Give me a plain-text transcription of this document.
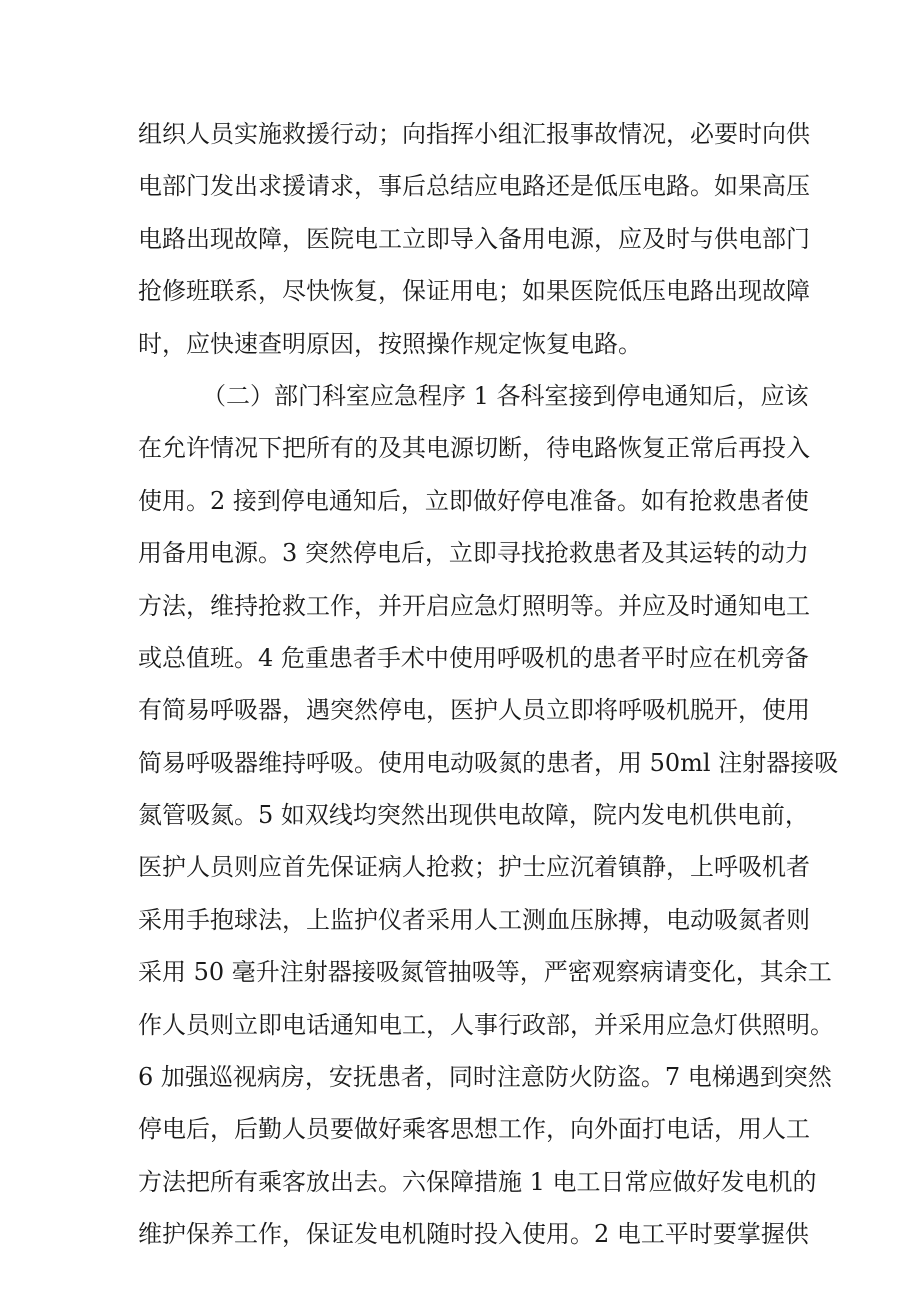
组织人员实施救援行动；向指挥小组汇报事故情况，必要时向供
电部门发出求援请求，事后总结应电路还是低压电路。如果高压
电路出现故障，医院电工立即导入备用电源，应及时与供电部门
抢修班联系，尽快恢复，保证用电；如果医院低压电路出现故障
时，应快速查明原因，按照操作规定恢复电路。
（二）部门科室应急程序 1 各科室接到停电通知后，应该
在允许情况下把所有的及其电源切断，待电路恢复正常后再投入
使用。2 接到停电通知后，立即做好停电准备。如有抢救患者使
用备用电源。3 突然停电后，立即寻找抢救患者及其运转的动力
方法，维持抢救工作，并开启应急灯照明等。并应及时通知电工
或总值班。4 危重患者手术中使用呼吸机的患者平时应在机旁备
有简易呼吸器，遇突然停电，医护人员立即将呼吸机脱开，使用
简易呼吸器维持呼吸。使用电动吸氮的患者，用 50ml 注射器接吸
氮管吸氮。5 如双线均突然出现供电故障，院内发电机供电前，
医护人员则应首先保证病人抢救；护士应沉着镇静，上呼吸机者
采用手抱球法，上监护仪者采用人工测血压脉搏，电动吸氮者则
采用 50 毫升注射器接吸氮管抽吸等，严密观察病请变化，其余工
作人员则立即电话通知电工，人事行政部，并采用应急灯供照明。
6 加强巡视病房，安抚患者，同时注意防火防盗。7 电梯遇到突然
停电后，后勤人员要做好乘客思想工作，向外面打电话，用人工
方法把所有乘客放出去。六保障措施 1 电工日常应做好发电机的
维护保养工作，保证发电机随时投入使用。2 电工平时要掌握供
